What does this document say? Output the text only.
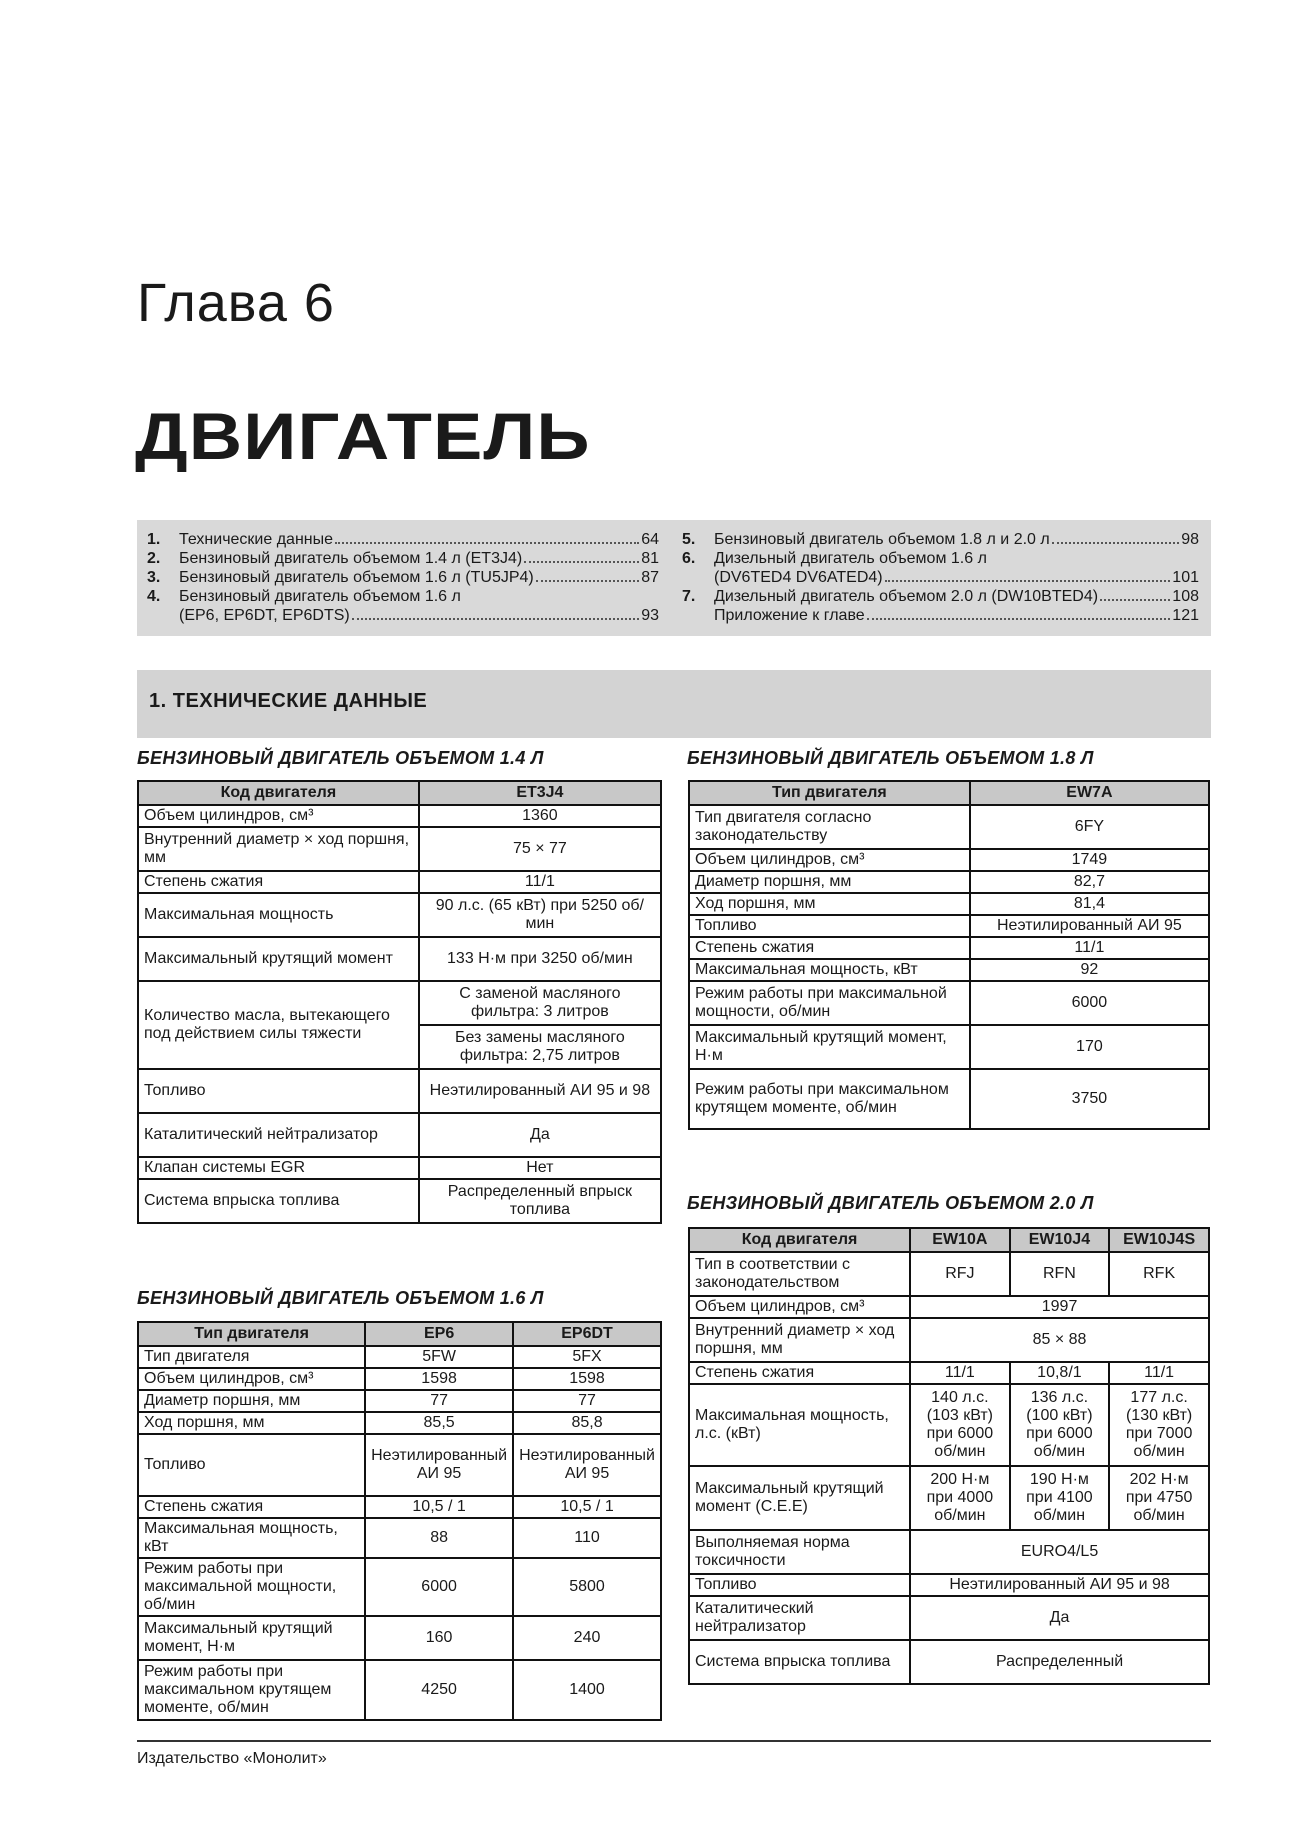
Глава 6
ДВИГАТЕЛЬ
1.	Технические данные	64
2.	Бензиновый двигатель объемом 1.4 л (ET3J4)	81
3.	Бензиновый двигатель объемом 1.6 л (TU5JP4)	87
4.	Бензиновый двигатель объемом 1.6 л
(EP6, EP6DT, EP6DTS)	93
5.	Бензиновый двигатель объемом 1.8 л и 2.0 л	98
6.	Дизельный двигатель объемом 1.6 л
(DV6TED4 DV6ATED4)	101
7.	Дизельный двигатель объемом 2.0 л (DW10BTED4)	108
Приложение к главе	121
1. ТЕХНИЧЕСКИЕ ДАННЫЕ
БЕНЗИНОВЫЙ ДВИГАТЕЛЬ ОБЪЕМОМ 1.4 Л
Код двигателя	ET3J4
Объем цилиндров, см³	1360
Внутренний диаметр × ход поршня, мм	75 × 77
Степень сжатия	11/1
Максимальная мощность	90 л.с. (65 кВт) при 5250 об/мин
Максимальный крутящий момент	133 Н·м при 3250 об/мин
Количество масла, вытекающего под действием силы тяжести	С заменой масляного фильтра: 3 литров
	Без замены масляного фильтра: 2,75 литров
Топливо	Неэтилированный АИ 95 и 98
Каталитический нейтрализатор	Да
Клапан системы EGR	Нет
Система впрыска топлива	Распределенный впрыск топлива
БЕНЗИНОВЫЙ ДВИГАТЕЛЬ ОБЪЕМОМ 1.6 Л
Тип двигателя	EP6	EP6DT
Тип двигателя	5FW	5FX
Объем цилиндров, см³	1598	1598
Диаметр поршня, мм	77	77
Ход поршня, мм	85,5	85,8
Топливо	Неэтилированный АИ 95	Неэтилированный АИ 95
Степень сжатия	10,5 / 1	10,5 / 1
Максимальная мощность, кВт	88	110
Режим работы при максимальной мощности, об/мин	6000	5800
Максимальный крутящий момент, Н·м	160	240
Режим работы при максимальном крутящем моменте, об/мин	4250	1400
БЕНЗИНОВЫЙ ДВИГАТЕЛЬ ОБЪЕМОМ 1.8 Л
Тип двигателя	EW7A
Тип двигателя согласно законодательству	6FY
Объем цилиндров, см³	1749
Диаметр поршня, мм	82,7
Ход поршня, мм	81,4
Топливо	Неэтилированный АИ 95
Степень сжатия	11/1
Максимальная мощность, кВт	92
Режим работы при максимальной мощности, об/мин	6000
Максимальный крутящий момент, Н·м	170
Режим работы при максимальном крутящем моменте, об/мин	3750
БЕНЗИНОВЫЙ ДВИГАТЕЛЬ ОБЪЕМОМ 2.0 Л
Код двигателя	EW10A	EW10J4	EW10J4S
Тип в соответствии с законодательством	RFJ	RFN	RFK
Объем цилиндров, см³	1997		
Внутренний диаметр × ход поршня, мм	85 × 88		
Степень сжатия	11/1	10,8/1	11/1
Максимальная мощность, л.с. (кВт)	140 л.с. (103 кВт) при 6000 об/мин	136 л.с. (100 кВт) при 6000 об/мин	177 л.с. (130 кВт) при 7000 об/мин
Максимальный крутящий момент (C.E.E)	200 Н·м при 4000 об/мин	190 Н·м при 4100 об/мин	202 Н·м при 4750 об/мин
Выполняемая норма токсичности	EURO4/L5		
Топливо	Неэтилированный АИ 95 и 98		
Каталитический нейтрализатор	Да		
Система впрыска топлива	Распределенный		
Издательство «Монолит»
